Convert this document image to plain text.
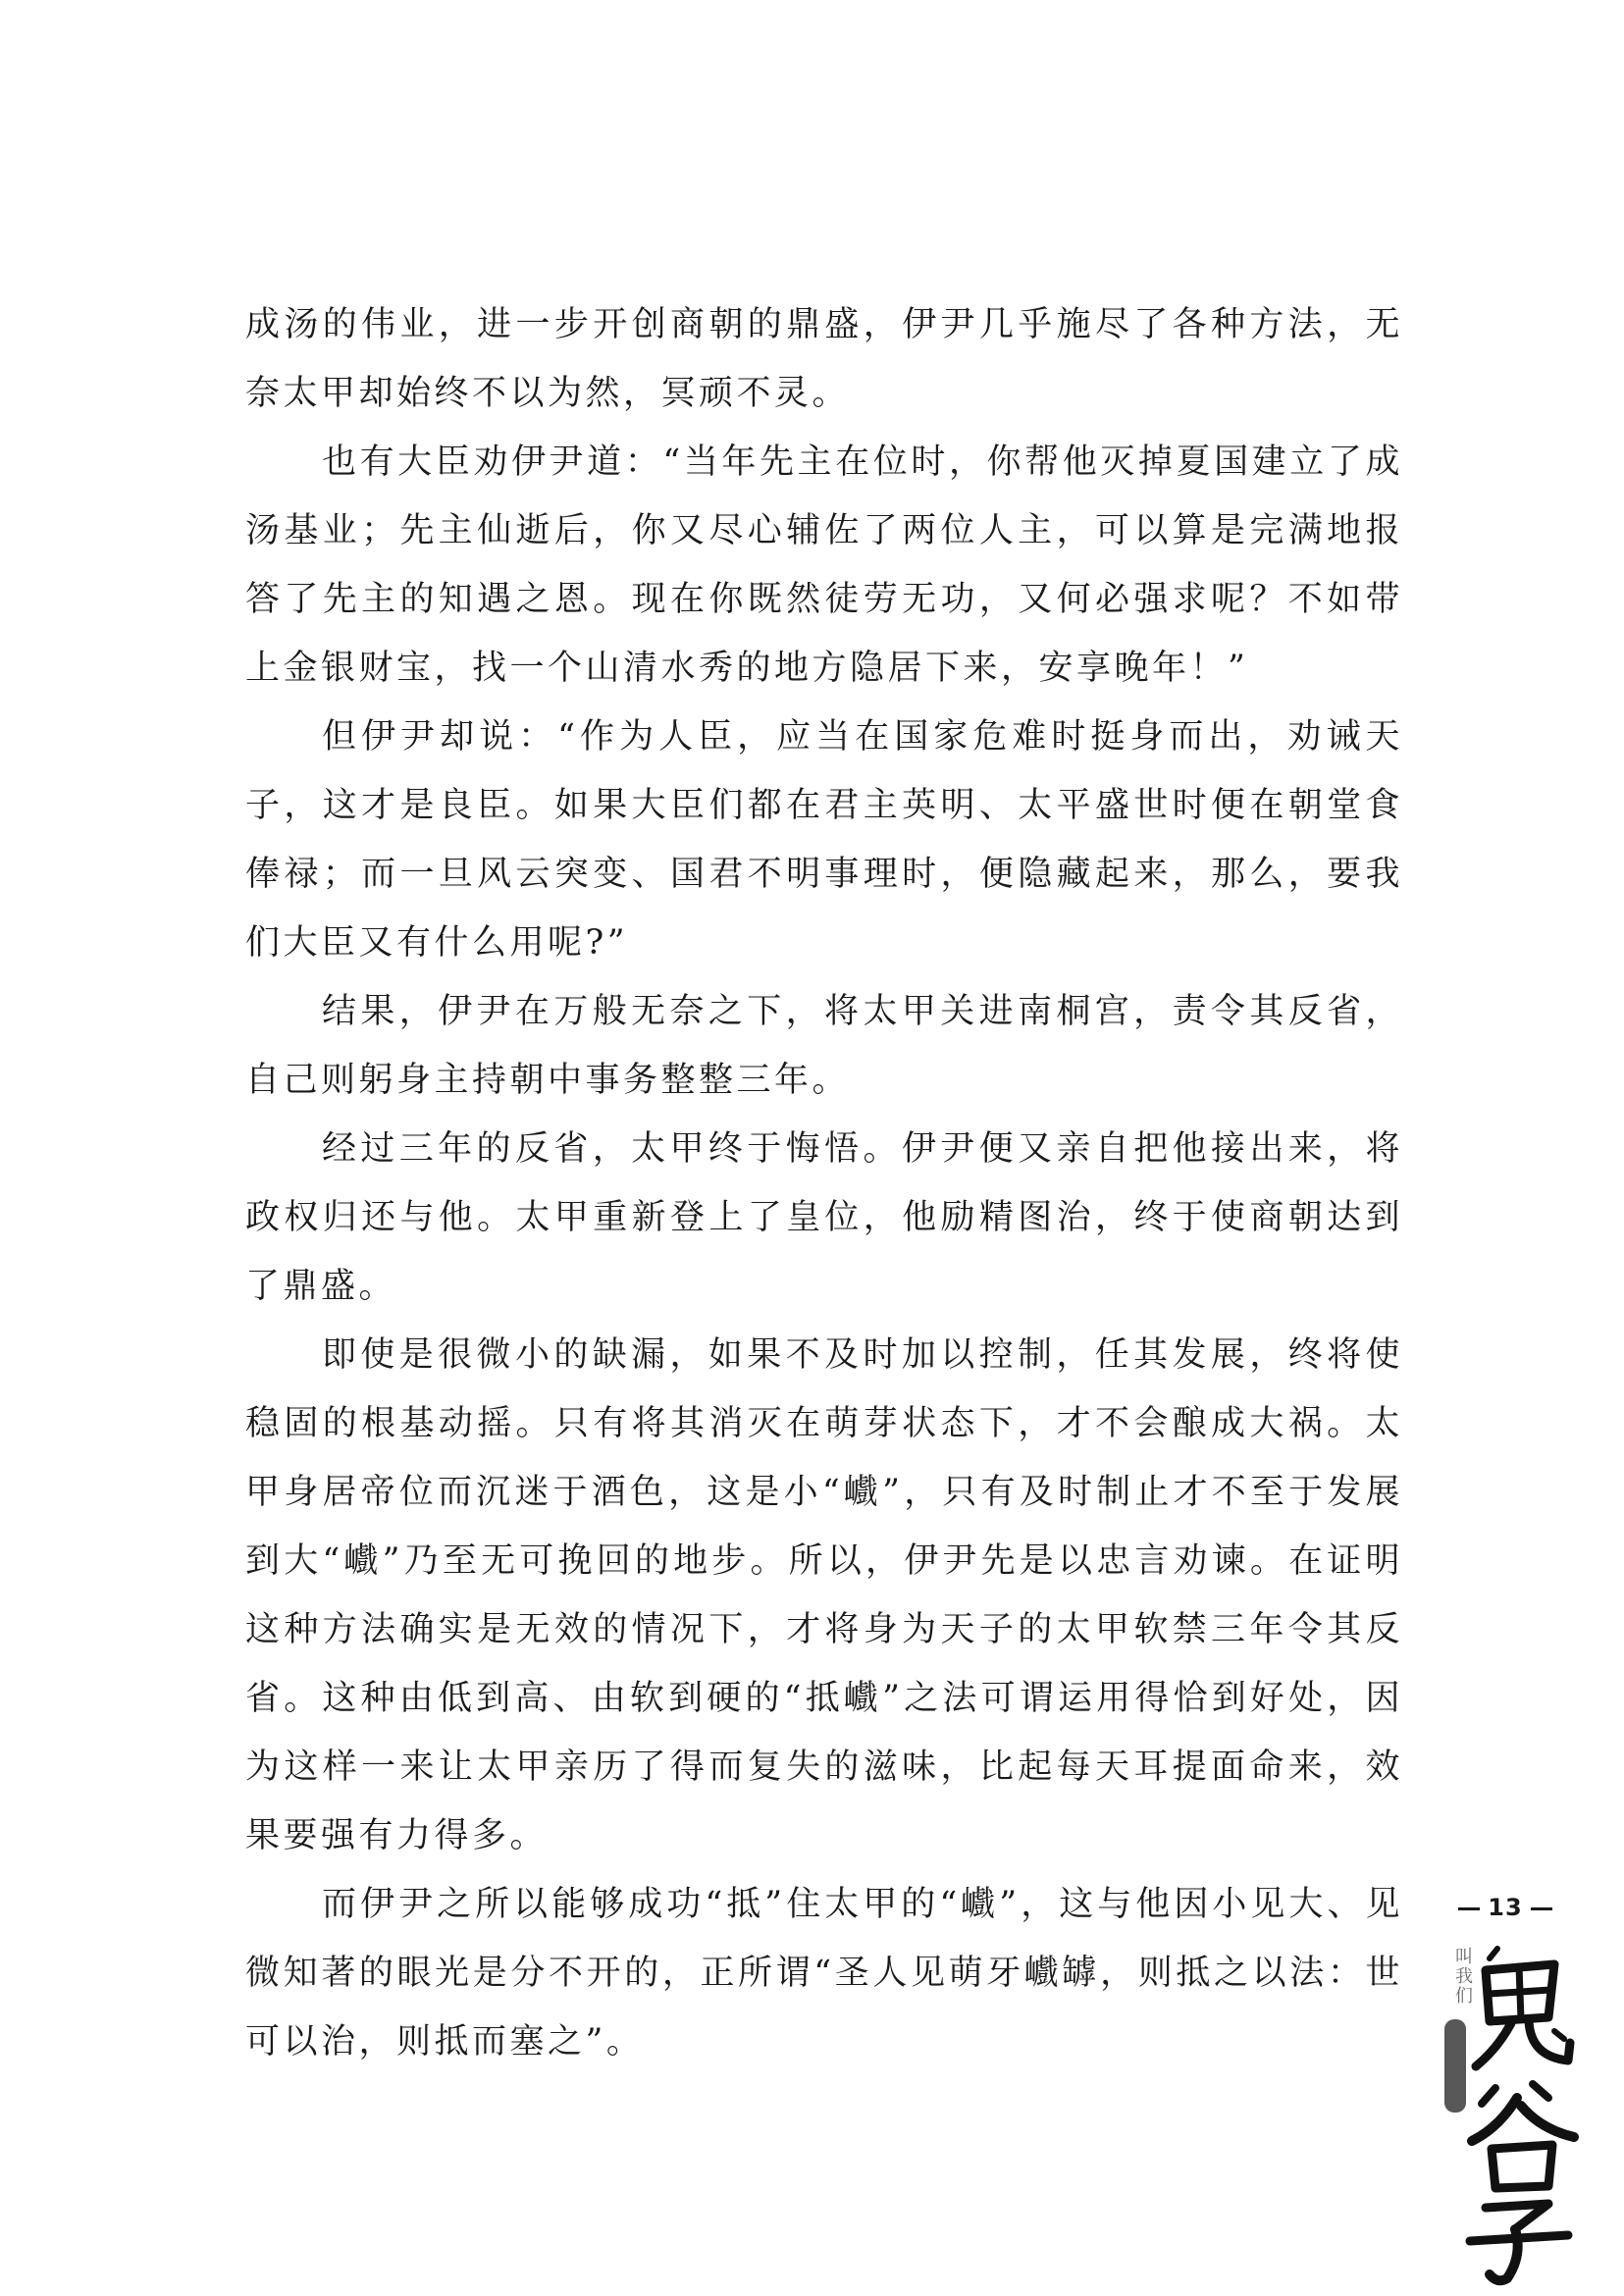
成汤的伟业，进一步开创商朝的鼎盛，伊尹几乎施尽了各种方法，无奈太甲却始终不以为然，冥顽不灵。

也有大臣劝伊尹道：“当年先主在位时，你帮他灭掉夏国建立了成汤基业；先主仙逝后，你又尽心辅佐了两位人主，可以算是完满地报答了先主的知遇之恩。现在你既然徒劳无功，又何必强求呢？不如带上金银财宝，找一个山清水秀的地方隐居下来，安享晚年！”

但伊尹却说：“作为人臣，应当在国家危难时挺身而出，劝诫天子，这才是良臣。如果大臣们都在君主英明、太平盛世时便在朝堂食俸禄；而一旦风云突变、国君不明事理时，便隐藏起来，那么，要我们大臣又有什么用呢?”

结果，伊尹在万般无奈之下，将太甲关进南桐宫，责令其反省，自己则躬身主持朝中事务整整三年。

经过三年的反省，太甲终于悔悟。伊尹便又亲自把他接出来，将政权归还与他。太甲重新登上了皇位，他励精图治，终于使商朝达到了鼎盛。

即使是很微小的缺漏，如果不及时加以控制，任其发展，终将使稳固的根基动摇。只有将其消灭在萌芽状态下，才不会酿成大祸。太甲身居帝位而沉迷于酒色，这是小“巇”，只有及时制止才不至于发展到大“巇”乃至无可挽回的地步。所以，伊尹先是以忠言劝谏。在证明这种方法确实是无效的情况下，才将身为天子的太甲软禁三年令其反省。这种由低到高、由软到硬的“抵巇”之法可谓运用得恰到好处，因为这样一来让太甲亲历了得而复失的滋味，比起每天耳提面命来，效果要强有力得多。

而伊尹之所以能够成功“抵”住太甲的“巇”，这与他因小见大、见微知著的眼光是分不开的，正所谓“圣人见萌牙巇罅，则抵之以法：世可以治，则抵而塞之”。

13
叫我们
